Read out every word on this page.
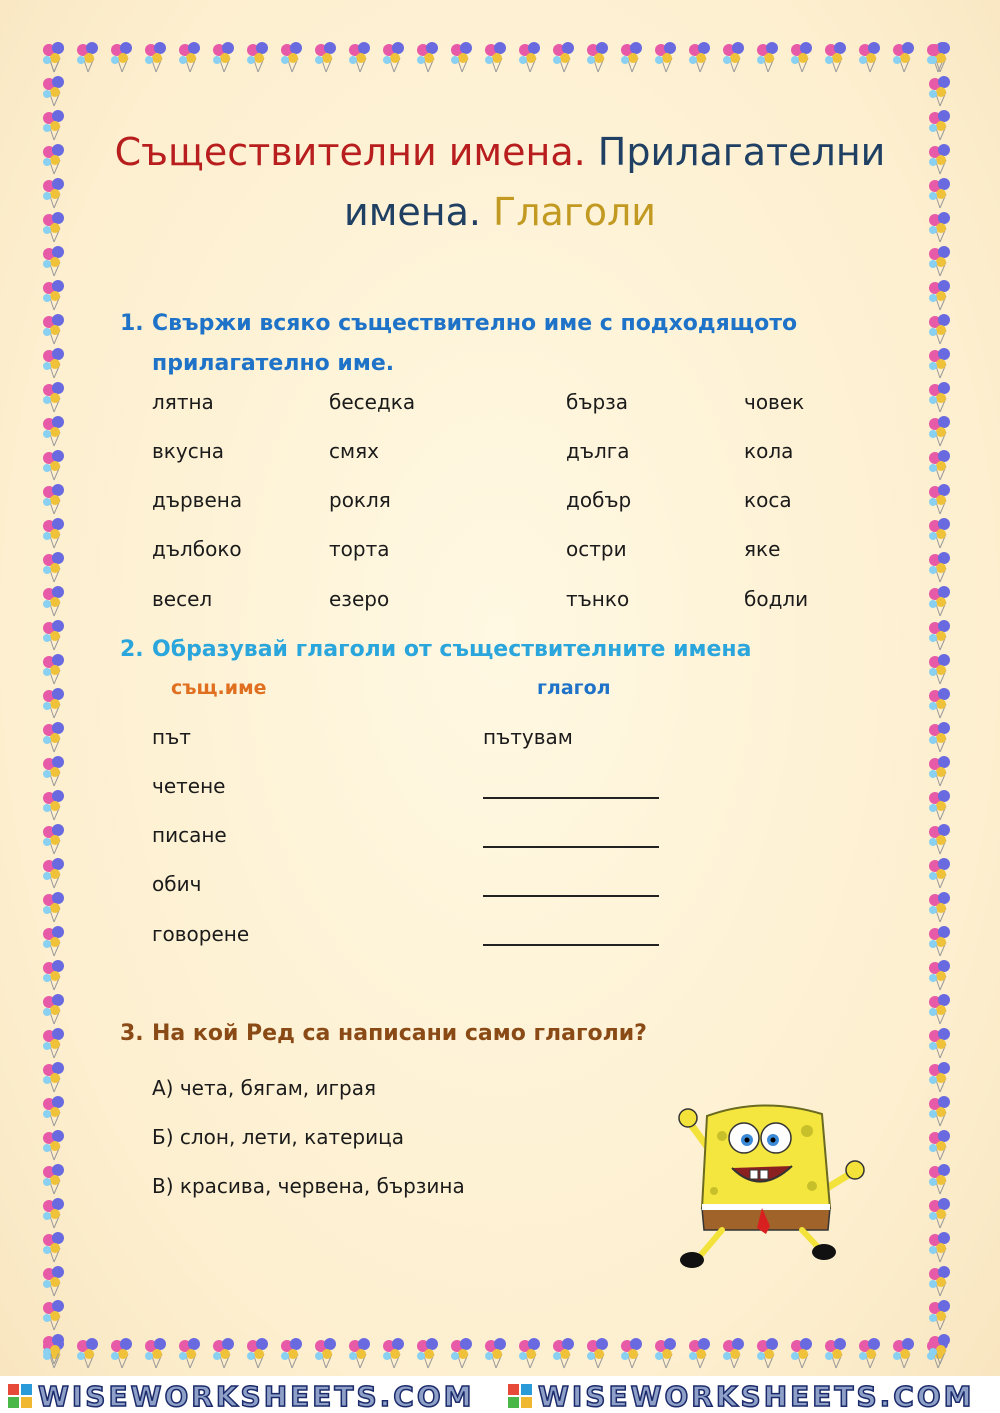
Съществителни имена. Прилагателни
имена. Глаголи
1. Свържи всяко съществително име с подходящото
прилагателно име.
лятна
вкусна
дървена
дълбоко
весел
беседка
смях
рокля
торта
езеро
бърза
дълга
добър
остри
тънко
човек
кола
коса
яке
бодли
2. Образувай глаголи от съществителните имена
същ.име	глагол
път
четене
писане
обич
говорене
пътувам
3. На кой Ред са написани само глаголи?
А) чета, бягам, играя
Б) слон, лети, катерица
В) красива, червена, бързина
WISEWORKSHEETS.COM WISEWORKSHEETS.COM
